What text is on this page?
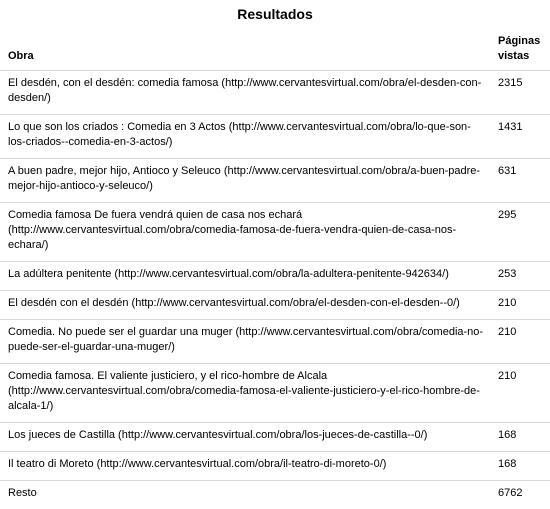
Resultados
Obra	Páginas vistas
El desdén, con el desdén: comedia famosa (http://www.cervantesvirtual.com/obra/el-desden-con-desden/)	2315
Lo que son los criados : Comedia en 3 Actos (http://www.cervantesvirtual.com/obra/lo-que-son-los-criados--comedia-en-3-actos/)	1431
A buen padre, mejor hijo, Antioco y Seleuco (http://www.cervantesvirtual.com/obra/a-buen-padre-mejor-hijo-antioco-y-seleuco/)	631
Comedia famosa De fuera vendrá quien de casa nos echará (http://www.cervantesvirtual.com/obra/comedia-famosa-de-fuera-vendra-quien-de-casa-nos-echara/)	295
La adúltera penitente (http://www.cervantesvirtual.com/obra/la-adultera-penitente-942634/)	253
El desdén con el desdén (http://www.cervantesvirtual.com/obra/el-desden-con-el-desden--0/)	210
Comedia. No puede ser el guardar una muger (http://www.cervantesvirtual.com/obra/comedia-no-puede-ser-el-guardar-una-muger/)	210
Comedia famosa. El valiente justiciero, y el rico-hombre de Alcala (http://www.cervantesvirtual.com/obra/comedia-famosa-el-valiente-justiciero-y-el-rico-hombre-de-alcala-1/)	210
Los jueces de Castilla (http://www.cervantesvirtual.com/obra/los-jueces-de-castilla--0/)	168
Il teatro di Moreto (http://www.cervantesvirtual.com/obra/il-teatro-di-moreto-0/)	168
Resto	6762
